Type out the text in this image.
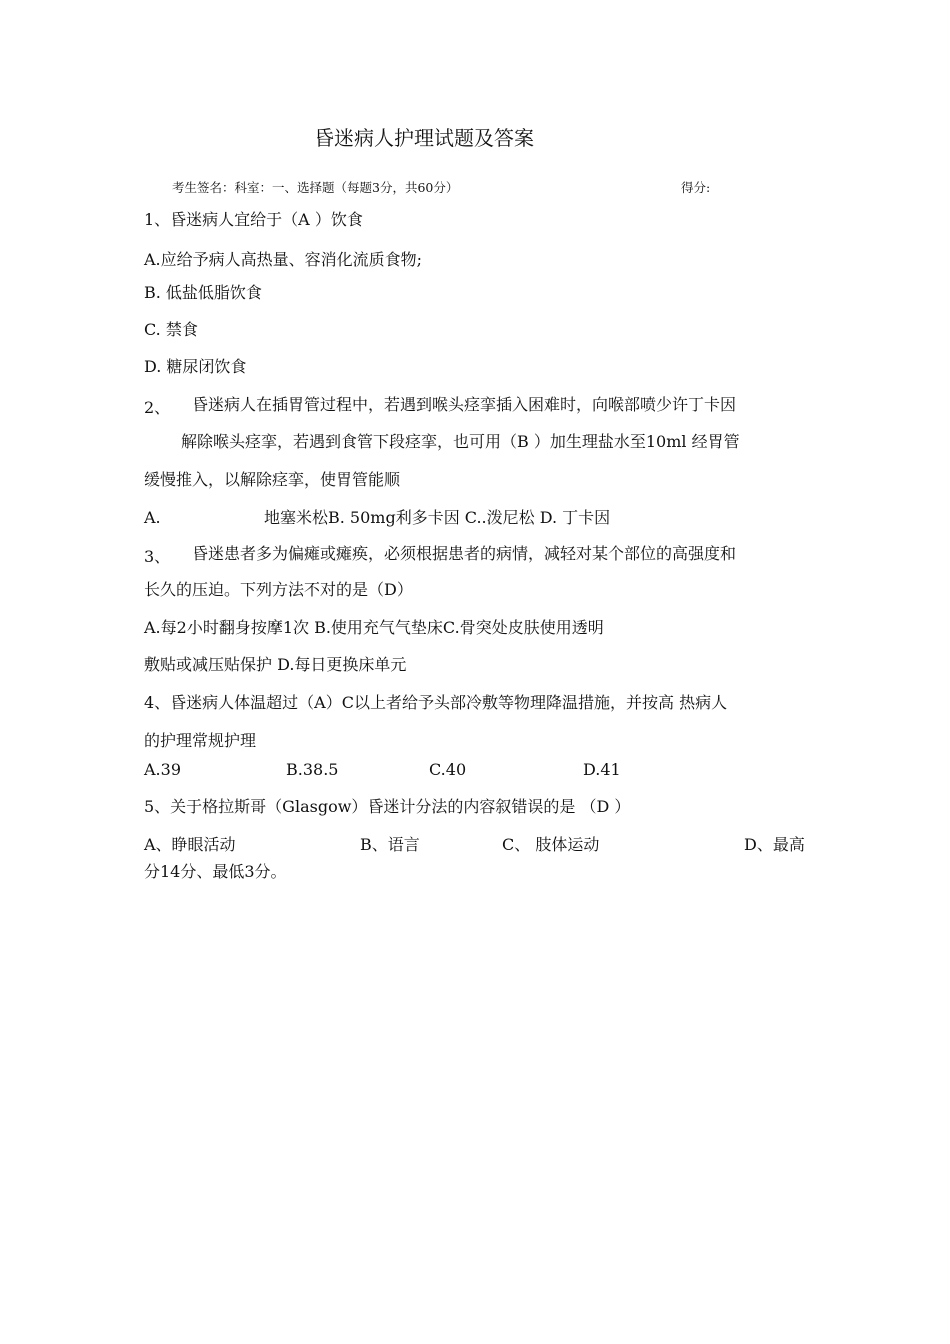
昏迷病人护理试题及答案
考生签名：科室：一、选择题（每题3分，共60分）	得分:
1、昏迷病人宜给于（A ）饮食
A.应给予病人高热量、容消化流质食物;
B. 低盐低脂饮食
C. 禁食
D. 糖尿闭饮食
2、 昏迷病人在插胃管过程中，若遇到喉头痉挛插入困难时，向喉部喷少许丁卡因
解除喉头痉挛，若遇到食管下段痉挛，也可用（B ）加生理盐水至10ml 经胃管
缓慢推入，以解除痉挛，使胃管能顺
A.	地塞米松B. 50mg利多卡因 C..泼尼松 D. 丁卡因
3、 昏迷患者多为偏瘫或瘫痪，必须根据患者的病情，减轻对某个部位的高强度和
长久的压迫。下列方法不对的是（D）
A.每2小时翻身按摩1次 B.使用充气气垫床C.骨突处皮肤使用透明
敷贴或减压贴保护 D.每日更换床单元
4、昏迷病人体温超过（A）C以上者给予头部冷敷等物理降温措施，并按高 热病人
的护理常规护理
A.39	B.38.5	C.40	D.41
5、关于格拉斯哥（Glasgow）昏迷计分法的内容叙错误的是 （D ）
A、睁眼活动	B、语言	C、 肢体运动	D、最高
分14分、最低3分。
